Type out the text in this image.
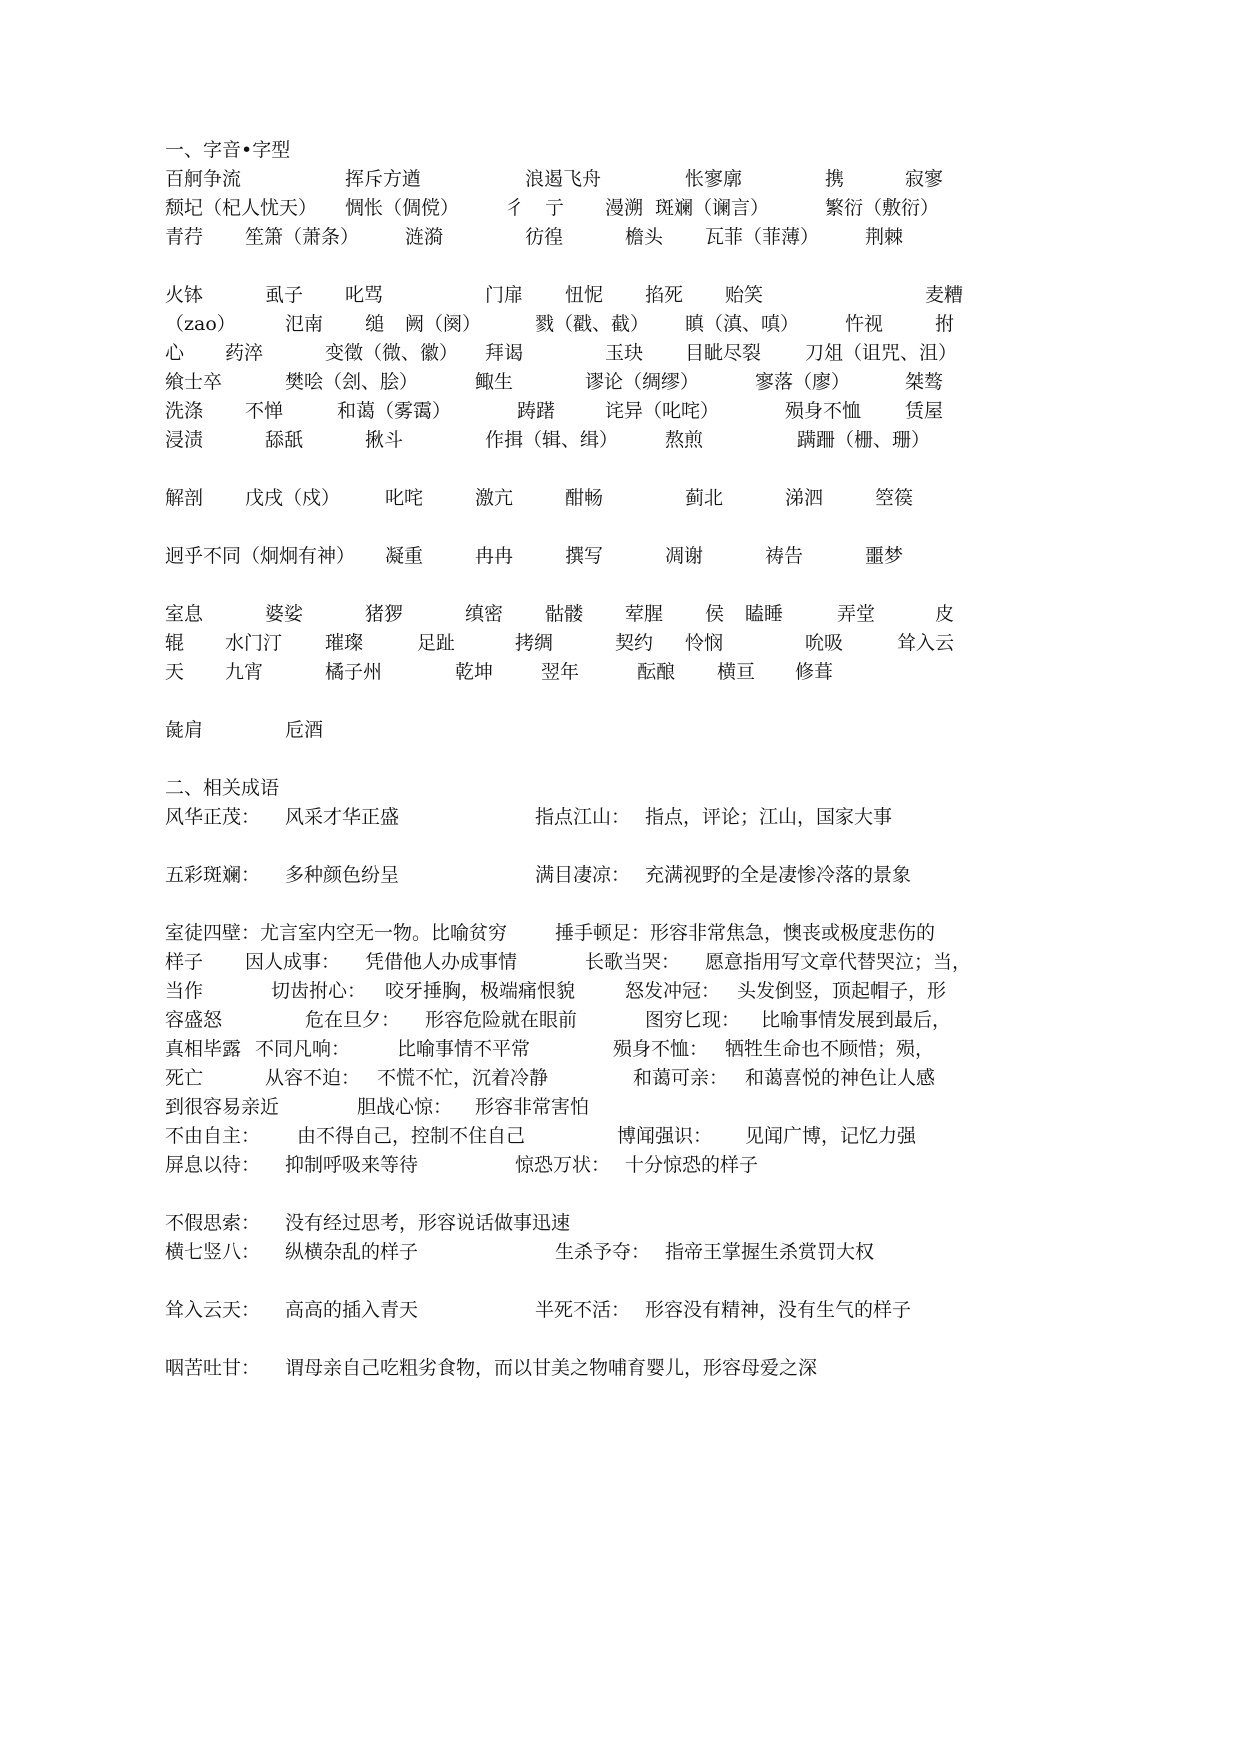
一、字音•字型
百舸争流	挥斥方遒	浪遏飞舟	怅寥廓	携	寂寥
颓圮（杞人忧天） 惆怅（倜傥） 彳 亍 漫溯 斑斓（谰言）	繁衍（敷衍）
青荇 笙箫（萧条） 涟漪	彷徨	檐头 瓦菲（菲薄） 荆棘
火钵	虱子 叱骂	门扉 忸怩 掐死 贻笑	麦糟
（zao）	氾南 缒 阙（阕）	戮（戳、截） 瞋（滇、嗔） 忤视	拊
心 药淬	变徵（微、徽） 拜谒	玉玦 目眦尽裂 刀俎（诅咒、沮）
飨士卒	樊哙（刽、脍）	鲰生	谬论（绸缪）	寥落（廖）	桀骜
洗涤 不惮	和蔼（雾霭）	踌躇	诧异（叱咤）	殒身不恤 赁屋
浸渍	舔舐	揪斗	作揖（辑、缉） 熬煎	蹒跚（栅、珊）
解剖 戊戌（戍） 叱咤	激亢	酣畅	蓟北	涕泗	箜篌
迥乎不同（炯炯有神） 凝重	冉冉	撰写	凋谢	祷告	噩梦
室息	婆娑	猪猡	缜密 骷髅 荤腥 侯 瞌睡	弄堂	皮
辊 水门汀 璀璨	足趾	拷绸	契约 怜悯	吮吸	耸入云
天 九宵	橘子州	乾坤	翌年	酝酿 横亘 修葺
彘肩	卮酒
二、相关成语
风华正茂： 风采才华正盛	指点江山： 指点，评论；江山，国家大事
五彩斑斓： 多种颜色纷呈	满目凄凉： 充满视野的全是凄惨冷落的景象
室徒四壁：尤言室内空无一物。比喻贫穷	捶手顿足：形容非常焦急，懊丧或极度悲伤的
样子 因人成事： 凭借他人办成事情	长歌当哭： 愿意指用写文章代替哭泣；当，
当作	切齿拊心： 咬牙捶胸，极端痛恨貌	怒发冲冠： 头发倒竖，顶起帽子，形
容盛怒	危在旦夕： 形容危险就在眼前	图穷匕现： 比喻事情发展到最后，
真相毕露 不同凡响： 比喻事情不平常	殒身不恤： 牺牲生命也不顾惜；殒，
死亡	从容不迫： 不慌不忙，沉着冷静	和蔼可亲： 和蔼喜悦的神色让人感
到很容易亲近	胆战心惊： 形容非常害怕
不由自主： 由不得自己，控制不住自己	博闻强识： 见闻广博，记忆力强
屏息以待： 抑制呼吸来等待	惊恐万状： 十分惊恐的样子
不假思索： 没有经过思考，形容说话做事迅速
横七竖八： 纵横杂乱的样子	生杀予夺： 指帝王掌握生杀赏罚大权
耸入云天： 高高的插入青天	半死不活： 形容没有精神，没有生气的样子
咽苦吐甘： 谓母亲自己吃粗劣食物，而以甘美之物哺育婴儿，形容母爱之深
